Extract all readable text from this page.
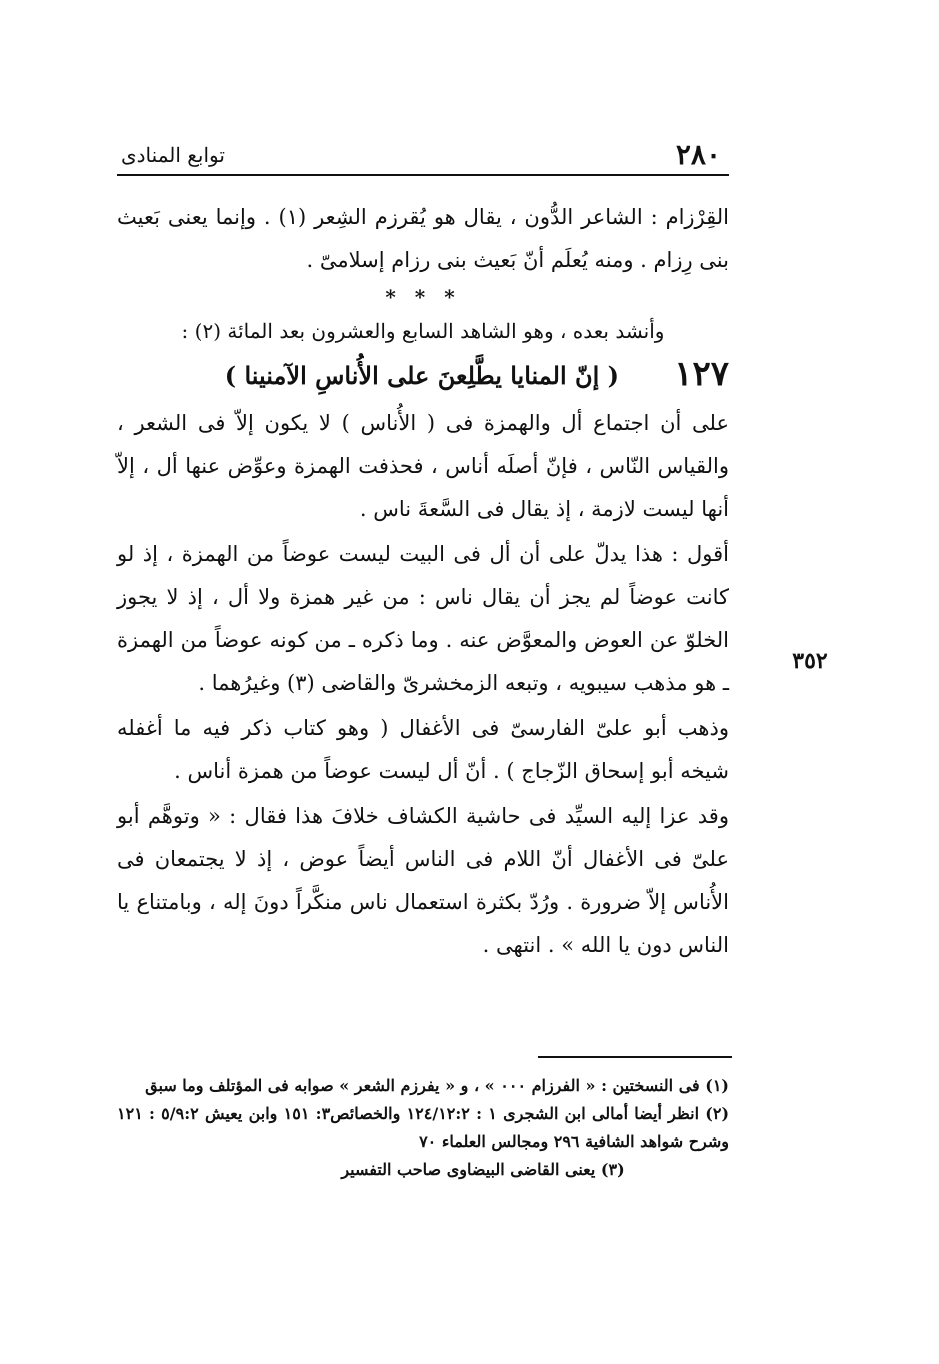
٢٨٠
توابع المنادى
٣٥٢

القِرْزام : الشاعر الدُّون ، يقال هو يُقرزم الشِعر (١) . وإنما يعنى بَعيث بنى رِزام . ومنه يُعلَم أنّ بَعيث بنى رزام إسلامىّ .

* * *

وأنشد بعده ، وهو الشاهد السابع والعشرون بعد المائة (٢) :

١٢٧
( إنّ المنايا يطَّلِعنَ على الأُناسِ الآمنينا )

على أن اجتماع أل والهمزة فى ( الأُناس ) لا يكون إلاّ فى الشعر ، والقياس النّاس ، فإنّ أصلَه أناس ، فحذفت الهمزة وعوِّض عنها أل ، إلاّ أنها ليست لازمة ، إذ يقال فى السَّعةَ ناس .

أقول : هذا يدلّ على أن أل فى البيت ليست عوضاً من الهمزة ، إذ لو كانت عوضاً لم يجز أن يقال ناس : من غير همزة ولا أل ، إذ لا يجوز الخلوّ عن العوض والمعوَّض عنه . وما ذكره ـ من كونه عوضاً من الهمزة ـ هو مذهب سيبويه ، وتبعه الزمخشرىّ والقاضى (٣) وغيرُهما .

وذهب أبو علىّ الفارسىّ فى الأغفال ( وهو كتاب ذكر فيه ما أغفله شيخه أبو إسحاق الزّجاج ) . أنّ أل ليست عوضاً من همزة أناس .

وقد عزا إليه السيِّد فى حاشية الكشاف خلافَ هذا فقال : « وتوهَّم أبو علىّ فى الأغفال أنّ اللام فى الناس أيضاً عوض ، إذ لا يجتمعان فى الأُناس إلاّ ضرورة . ورُدّ بكثرة استعمال ناس منكَّراً دونَ إله ، وبامتناع يا الناس دون يا الله » . انتهى .

(١) فى النسختين : « الفرزام ٠٠٠ » ، و « يفرزم الشعر » صوابه فى المؤتلف وما سبق

(٢) انظر أيضا أمالى ابن الشجرى ١ : ١٢٤/١٢:٢ والخصائص٣: ١٥١ وابن يعيش ٥/٩:٢ : ١٢١ وشرح شواهد الشافية ٢٩٦ ومجالس العلماء ٧٠

(٣) يعنى القاضى البيضاوى صاحب التفسير
